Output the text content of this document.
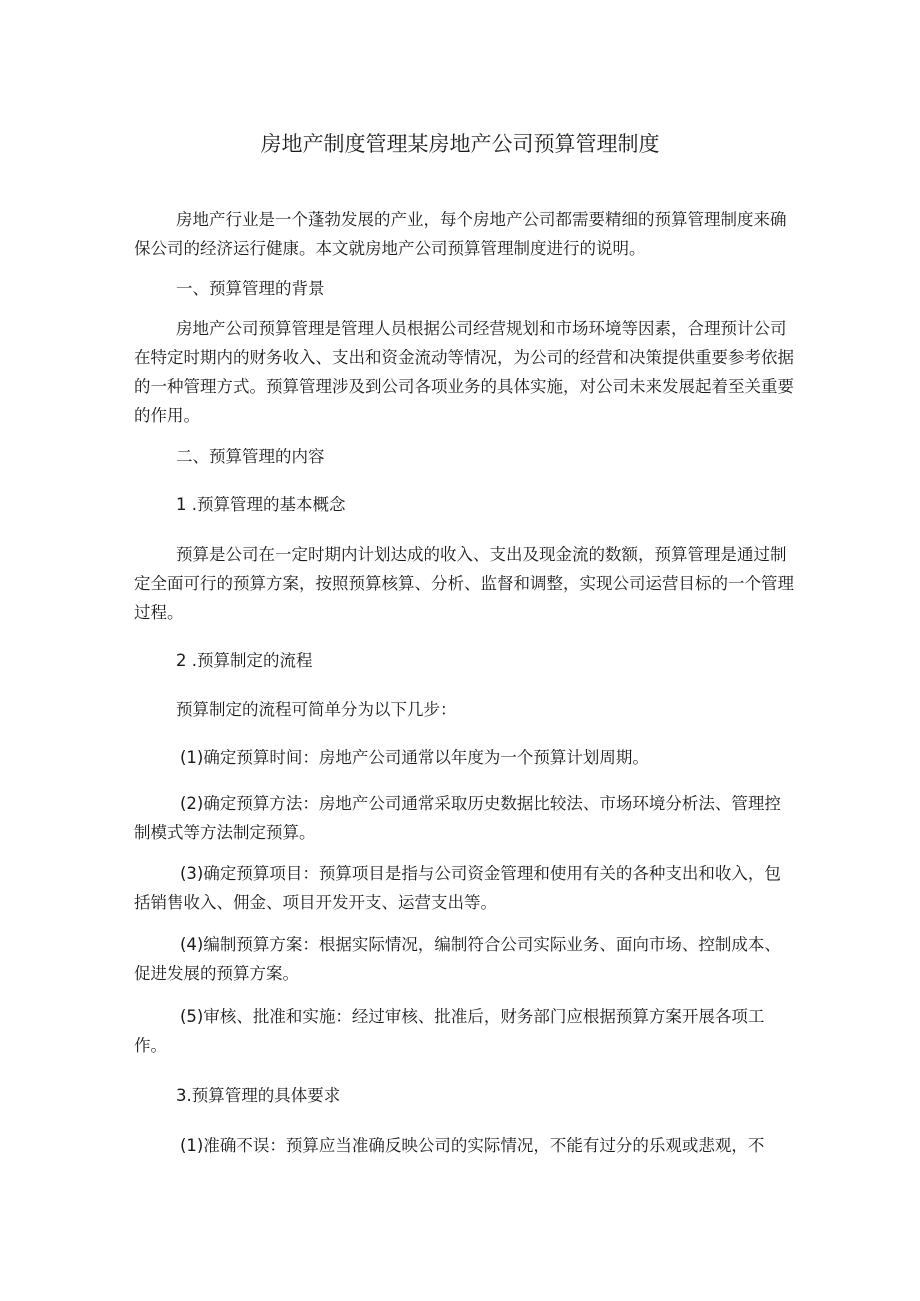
房地产制度管理某房地产公司预算管理制度

房地产行业是一个蓬勃发展的产业，每个房地产公司都需要精细的预算管理制度来确保公司的经济运行健康。本文就房地产公司预算管理制度进行的说明。

一、预算管理的背景

房地产公司预算管理是管理人员根据公司经营规划和市场环境等因素，合理预计公司在特定时期内的财务收入、支出和资金流动等情况，为公司的经营和决策提供重要参考依据的一种管理方式。预算管理涉及到公司各项业务的具体实施，对公司未来发展起着至关重要的作用。

二、预算管理的内容

1 .预算管理的基本概念

预算是公司在一定时期内计划达成的收入、支出及现金流的数额，预算管理是通过制定全面可行的预算方案，按照预算核算、分析、监督和调整，实现公司运营目标的一个管理过程。

2 .预算制定的流程

预算制定的流程可简单分为以下几步：

(1)确定预算时间：房地产公司通常以年度为一个预算计划周期。

(2)确定预算方法：房地产公司通常采取历史数据比较法、市场环境分析法、管理控制模式等方法制定预算。

(3)确定预算项目：预算项目是指与公司资金管理和使用有关的各种支出和收入，包括销售收入、佣金、项目开发开支、运营支出等。

(4)编制预算方案：根据实际情况，编制符合公司实际业务、面向市场、控制成本、促进发展的预算方案。

(5)审核、批准和实施：经过审核、批准后，财务部门应根据预算方案开展各项工作。

3.预算管理的具体要求

(1)准确不误：预算应当准确反映公司的实际情况，不能有过分的乐观或悲观，不
